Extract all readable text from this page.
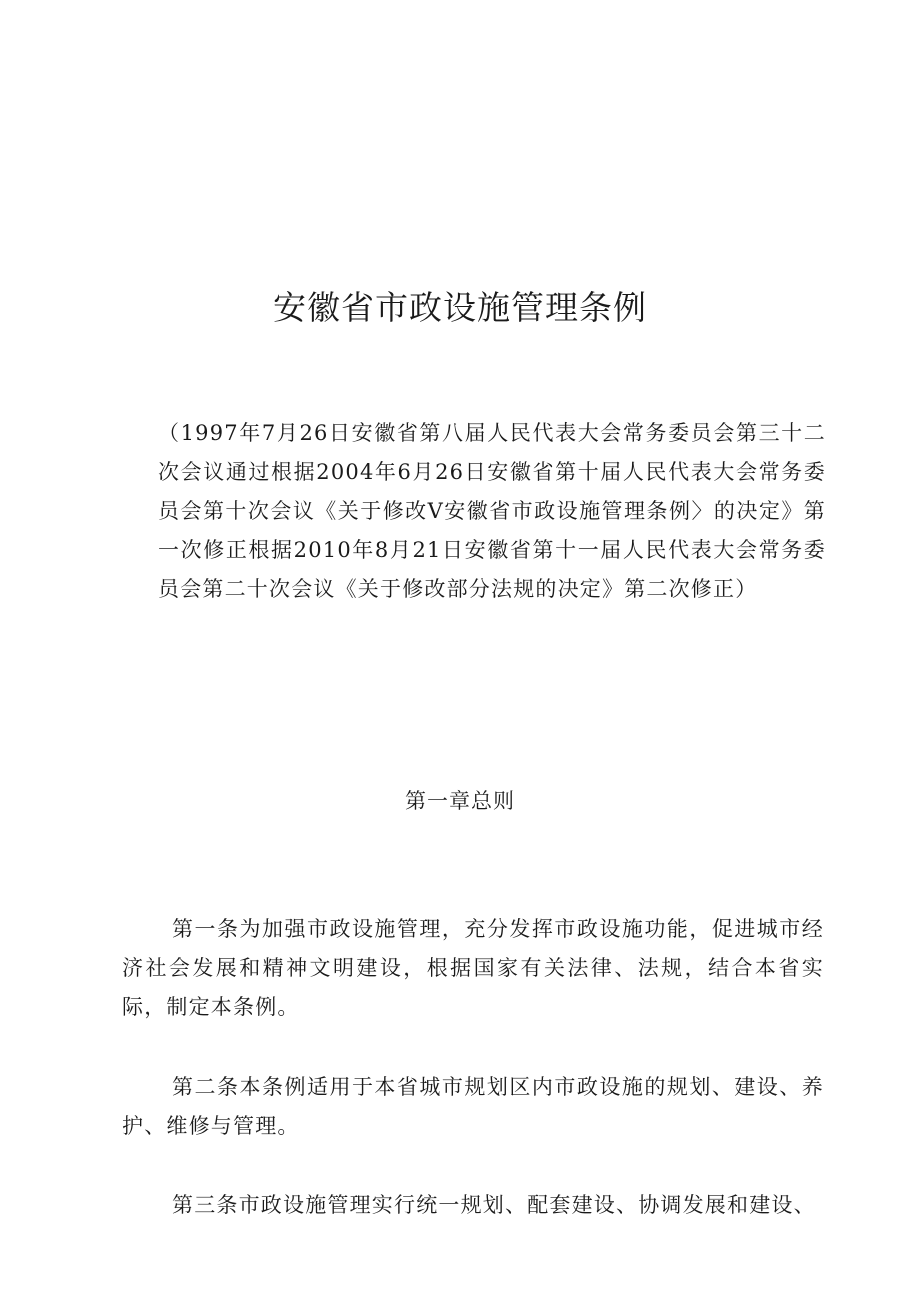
安徽省市政设施管理条例

（1997年7月26日安徽省第八届人民代表大会常务委员会第三十二次会议通过根据2004年6月26日安徽省第十届人民代表大会常务委员会第十次会议《关于修改V安徽省市政设施管理条例〉的决定》第一次修正根据2010年8月21日安徽省第十一届人民代表大会常务委员会第二十次会议《关于修改部分法规的决定》第二次修正）

第一章总则

第一条为加强市政设施管理，充分发挥市政设施功能，促进城市经济社会发展和精神文明建设，根据国家有关法律、法规，结合本省实际，制定本条例。

第二条本条例适用于本省城市规划区内市政设施的规划、建设、养护、维修与管理。

第三条市政设施管理实行统一规划、配套建设、协调发展和建设、
